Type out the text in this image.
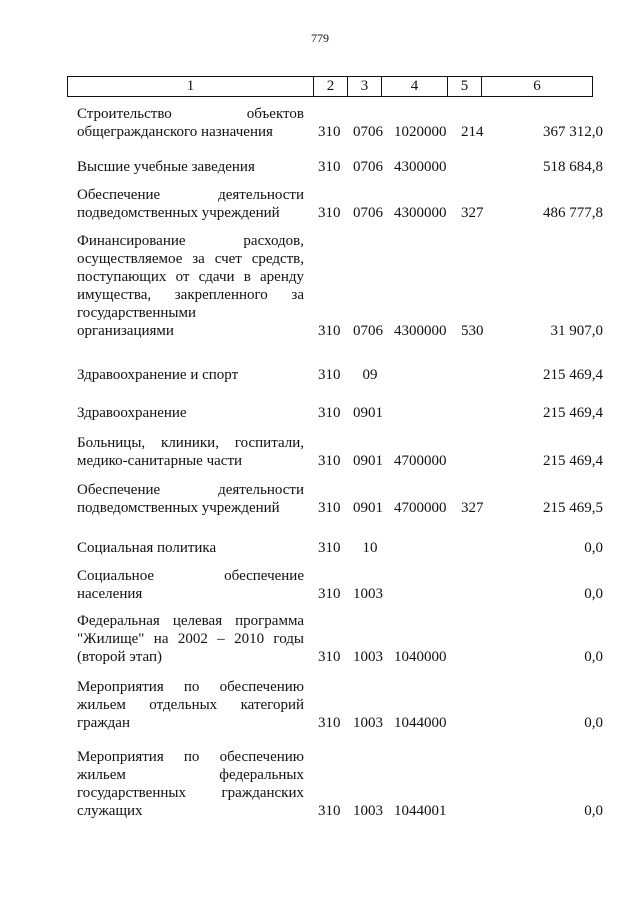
779
1	2	3	4	5	6
Строительство объектов
общегражданского назначения	310 0706 1020000 214	367 312,0
Высшие учебные заведения	310 0706 4300000	518 684,8
Обеспечение деятельности
подведомственных учреждений	310 0706 4300000 327	486 777,8
Финансирование расходов,
осуществляемое за счет средств,
поступающих от сдачи в аренду
имущества, закрепленного за
государственными
организациями	310 0706 4300000 530	31 907,0
Здравоохранение и спорт	310	09	215 469,4
Здравоохранение	310 0901	215 469,4
Больницы, клиники, госпитали,
медико-санитарные части	310 0901 4700000	215 469,4
Обеспечение деятельности
подведомственных учреждений	310 0901 4700000 327	215 469,5
Социальная политика	310	10	0,0
Социальное обеспечение
населения	310 1003	0,0
Федеральная целевая программа
"Жилище" на 2002 – 2010 годы
(второй этап)	310 1003 1040000	0,0
Мероприятия по обеспечению
жильем отдельных категорий
граждан	310 1003 1044000	0,0
Мероприятия по обеспечению
жильем федеральных
государственных гражданских
служащих	310 1003 1044001	0,0
